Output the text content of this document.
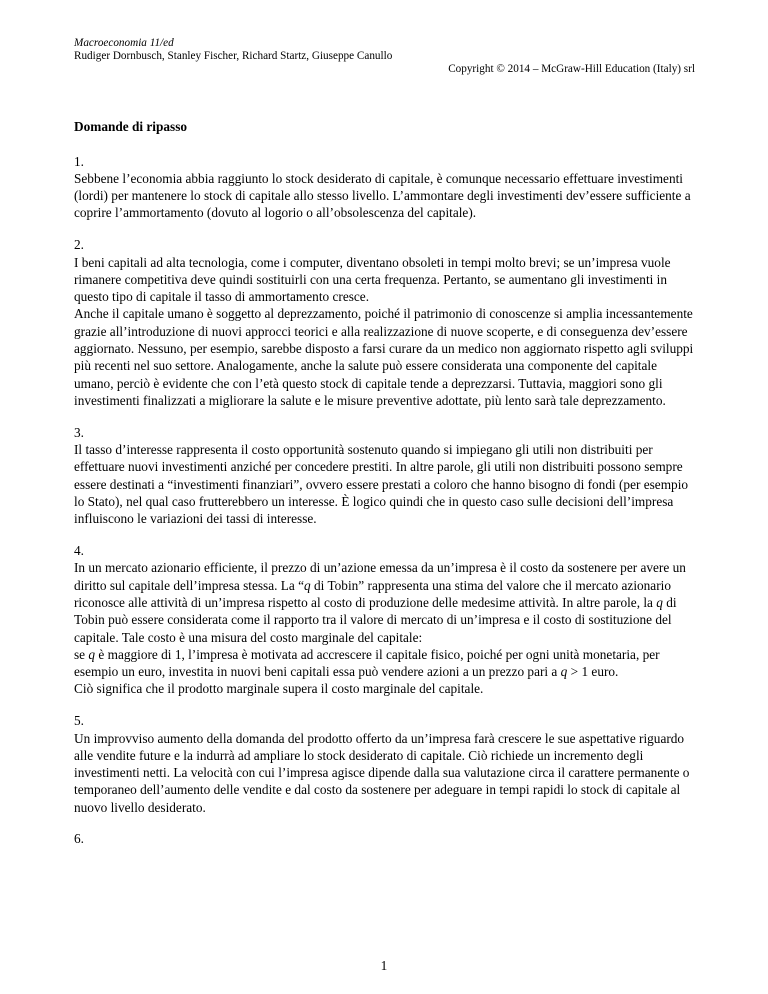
Macroeconomia 11/ed
Rudiger Dornbusch, Stanley Fischer, Richard Startz, Giuseppe Canullo
Copyright © 2014 – McGraw-Hill Education (Italy) srl
Domande di ripasso
1.

Sebbene l’economia abbia raggiunto lo stock desiderato di capitale, è comunque necessario effettuare investimenti (lordi) per mantenere lo stock di capitale allo stesso livello. L’ammontare degli investimenti dev’essere sufficiente a coprire l’ammortamento (dovuto al logorio o all’obsolescenza del capitale).

2.

I beni capitali ad alta tecnologia, come i computer, diventano obsoleti in tempi molto brevi; se un’impresa vuole rimanere competitiva deve quindi sostituirli con una certa frequenza. Pertanto, se aumentano gli investimenti in questo tipo di capitale il tasso di ammortamento cresce.

Anche il capitale umano è soggetto al deprezzamento, poiché il patrimonio di conoscenze si amplia incessantemente grazie all’introduzione di nuovi approcci teorici e alla realizzazione di nuove scoperte, e di conseguenza dev’essere aggiornato. Nessuno, per esempio, sarebbe disposto a farsi curare da un medico non aggiornato rispetto agli sviluppi più recenti nel suo settore. Analogamente, anche la salute può essere considerata una componente del capitale umano, perciò è evidente che con l’età questo stock di capitale tende a deprezzarsi. Tuttavia, maggiori sono gli investimenti finalizzati a migliorare la salute e le misure preventive adottate, più lento sarà tale deprezzamento.

3.

Il tasso d’interesse rappresenta il costo opportunità sostenuto quando si impiegano gli utili non distribuiti per effettuare nuovi investimenti anziché per concedere prestiti. In altre parole, gli utili non distribuiti possono sempre essere destinati a “investimenti finanziari”, ovvero essere prestati a coloro che hanno bisogno di fondi (per esempio lo Stato), nel qual caso frutterebbero un interesse. È logico quindi che in questo caso sulle decisioni dell’impresa influiscono le variazioni dei tassi di interesse.

4.

In un mercato azionario efficiente, il prezzo di un’azione emessa da un’impresa è il costo da sostenere per avere un diritto sul capitale dell’impresa stessa. La “q di Tobin” rappresenta una stima del valore che il mercato azionario riconosce alle attività di un’impresa rispetto al costo di produzione delle medesime attività. In altre parole, la q di Tobin può essere considerata come il rapporto tra il valore di mercato di un’impresa e il costo di sostituzione del capitale. Tale costo è una misura del costo marginale del capitale:

se q è maggiore di 1, l’impresa è motivata ad accrescere il capitale fisico, poiché per ogni unità monetaria, per esempio un euro, investita in nuovi beni capitali essa può vendere azioni a un prezzo pari a q > 1 euro.

Ciò significa che il prodotto marginale supera il costo marginale del capitale.

5.

Un improvviso aumento della domanda del prodotto offerto da un’impresa farà crescere le sue aspettative riguardo alle vendite future e la indurrà ad ampliare lo stock desiderato di capitale. Ciò richiede un incremento degli investimenti netti. La velocità con cui l’impresa agisce dipende dalla sua valutazione circa il carattere permanente o temporaneo dell’aumento delle vendite e dal costo da sostenere per adeguare in tempi rapidi lo stock di capitale al nuovo livello desiderato.

6.
1
